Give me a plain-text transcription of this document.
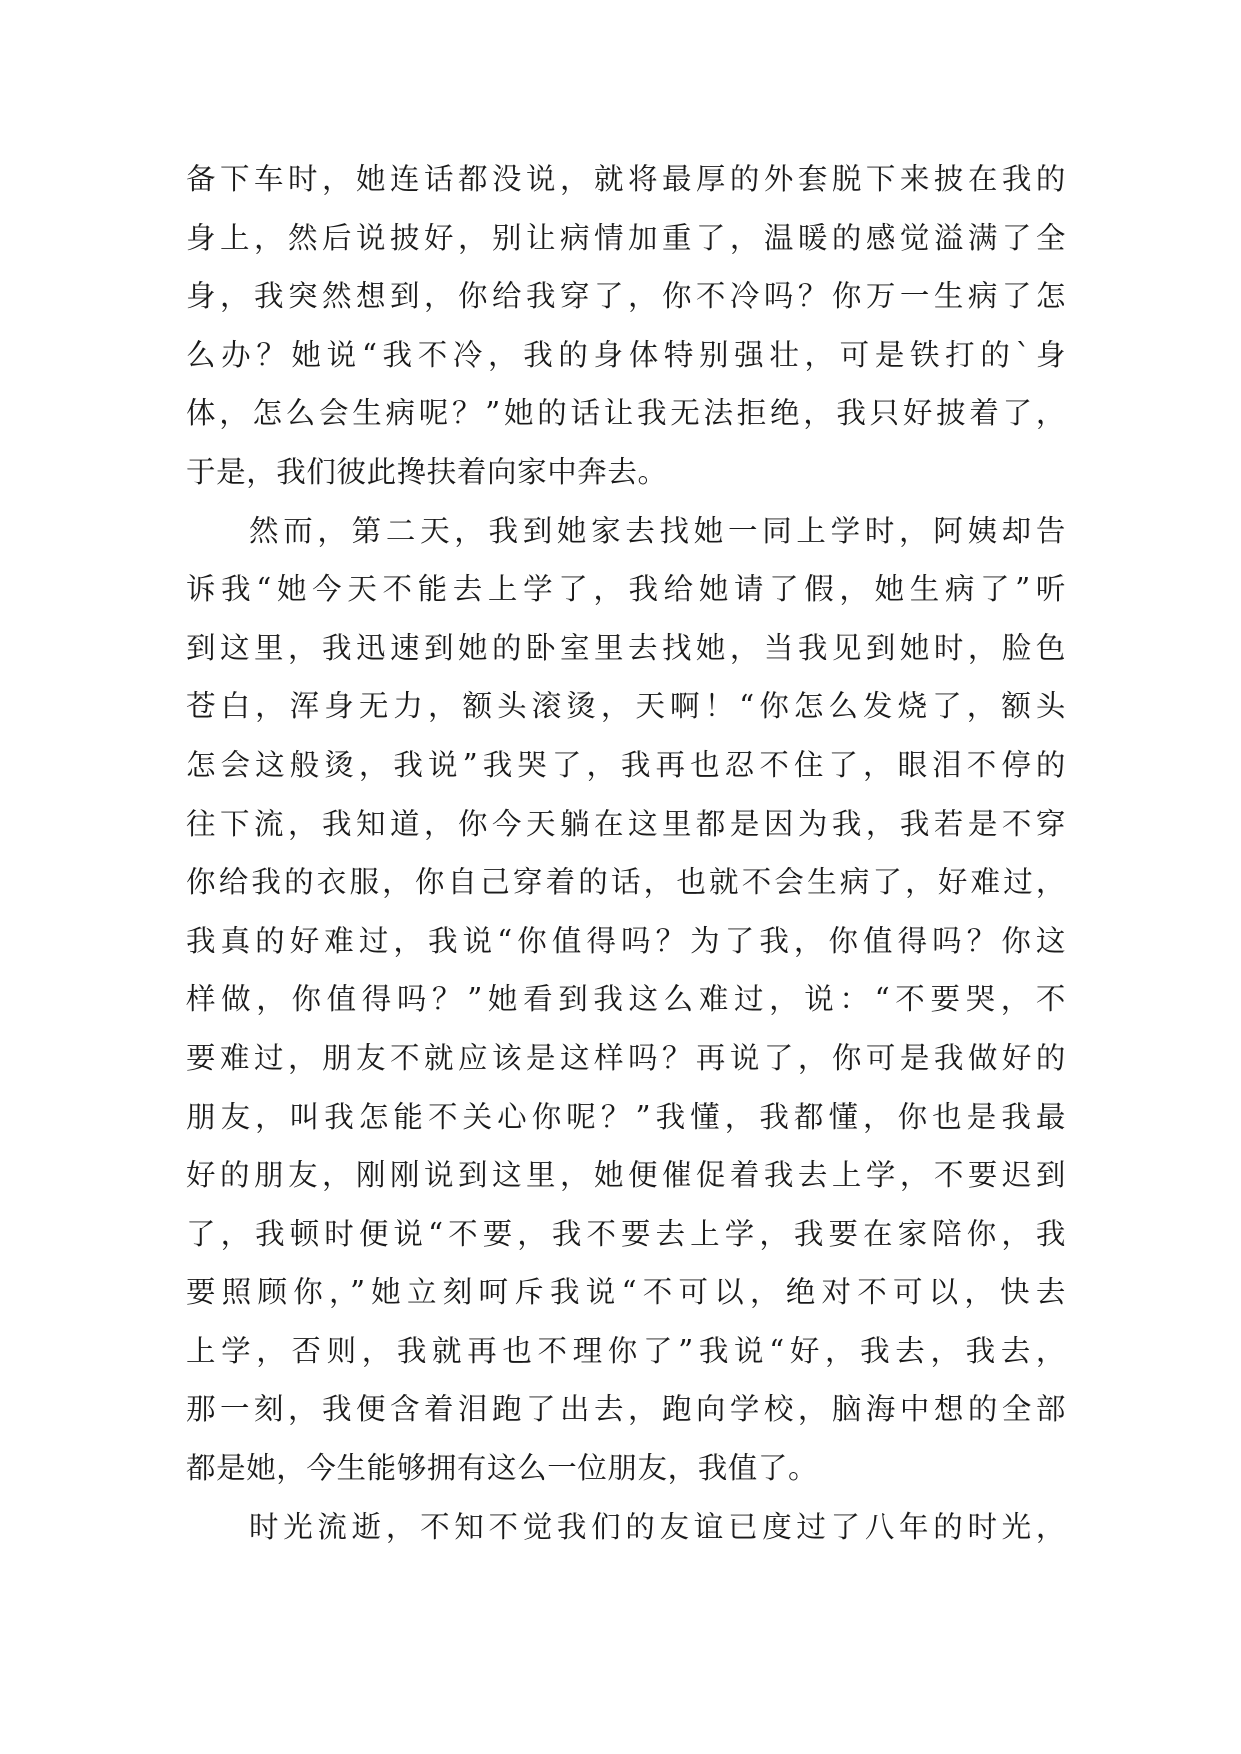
备下车时，她连话都没说，就将最厚的外套脱下来披在我的
身上，然后说披好，别让病情加重了，温暖的感觉溢满了全
身，我突然想到，你给我穿了，你不冷吗？你万一生病了怎
么办？她说“我不冷，我的身体特别强壮，可是铁打的`身
体，怎么会生病呢？”她的话让我无法拒绝，我只好披着了，
于是，我们彼此搀扶着向家中奔去。
然而，第二天，我到她家去找她一同上学时，阿姨却告
诉我“她今天不能去上学了，我给她请了假，她生病了”听
到这里，我迅速到她的卧室里去找她，当我见到她时，脸色
苍白，浑身无力，额头滚烫，天啊！“你怎么发烧了，额头
怎会这般烫，我说”我哭了，我再也忍不住了，眼泪不停的
往下流，我知道，你今天躺在这里都是因为我，我若是不穿
你给我的衣服，你自己穿着的话，也就不会生病了，好难过，
我真的好难过，我说“你值得吗？为了我，你值得吗？你这
样做，你值得吗？”她看到我这么难过，说：“不要哭，不
要难过，朋友不就应该是这样吗？再说了，你可是我做好的
朋友，叫我怎能不关心你呢？”我懂，我都懂，你也是我最
好的朋友，刚刚说到这里，她便催促着我去上学，不要迟到
了，我顿时便说“不要，我不要去上学，我要在家陪你，我
要照顾你，”她立刻呵斥我说“不可以，绝对不可以，快去
上学，否则，我就再也不理你了”我说“好，我去，我去，
那一刻，我便含着泪跑了出去，跑向学校，脑海中想的全部
都是她，今生能够拥有这么一位朋友，我值了。
时光流逝，不知不觉我们的友谊已度过了八年的时光，
